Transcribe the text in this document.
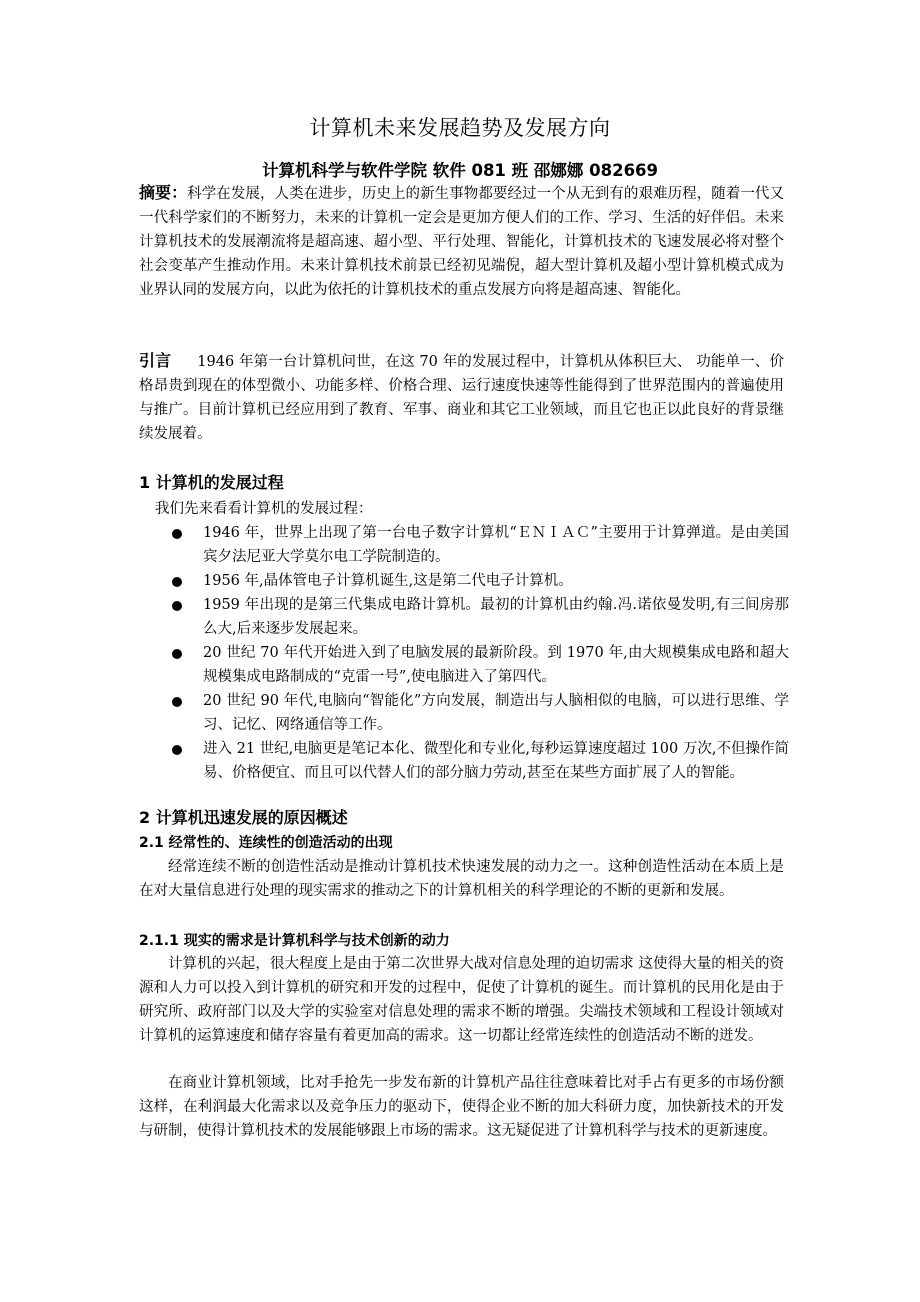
计算机未来发展趋势及发展方向
计算机科学与软件学院 软件 081 班 邵娜娜 082669
摘要：科学在发展，人类在进步，历史上的新生事物都要经过一个从无到有的艰难历程，随着一代又一代科学家们的不断努力，未来的计算机一定会是更加方便人们的工作、学习、生活的好伴侣。未来计算机技术的发展潮流将是超高速、超小型、平行处理、智能化，计算机技术的飞速发展必将对整个社会变革产生推动作用。未来计算机技术前景已经初见端倪，超大型计算机及超小型计算机模式成为业界认同的发展方向，以此为依托的计算机技术的重点发展方向将是超高速、智能化。
引言 1946 年第一台计算机问世，在这 70 年的发展过程中，计算机从体积巨大、 功能单一、价格昂贵到现在的体型微小、功能多样、价格合理、运行速度快速等性能得到了世界范围内的普遍使用与推广。目前计算机已经应用到了教育、军事、商业和其它工业领域，而且它也正以此良好的背景继续发展着。
1 计算机的发展过程
我们先来看看计算机的发展过程：
1946 年，世界上出现了第一台电子数字计算机“ＥＮＩＡＣ”主要用于计算弹道。是由美国宾夕法尼亚大学莫尔电工学院制造的。
1956 年,晶体管电子计算机诞生,这是第二代电子计算机。
1959 年出现的是第三代集成电路计算机。最初的计算机由约翰.冯.诺依曼发明,有三间房那么大,后来逐步发展起来。
20 世纪 70 年代开始进入到了电脑发展的最新阶段。到 1970 年,由大规模集成电路和超大规模集成电路制成的“克雷一号”,使电脑进入了第四代。
20 世纪 90 年代,电脑向“智能化”方向发展，制造出与人脑相似的电脑，可以进行思维、学习、记忆、网络通信等工作。
进入 21 世纪,电脑更是笔记本化、微型化和专业化,每秒运算速度超过 100 万次,不但操作简易、价格便宜、而且可以代替人们的部分脑力劳动,甚至在某些方面扩展了人的智能。
2 计算机迅速发展的原因概述
2.1 经常性的、连续性的创造活动的出现
经常连续不断的创造性活动是推动计算机技术快速发展的动力之一。这种创造性活动在本质上是在对大量信息进行处理的现实需求的推动之下的计算机相关的科学理论的不断的更新和发展。
2.1.1 现实的需求是计算机科学与技术创新的动力
计算机的兴起，很大程度上是由于第二次世界大战对信息处理的迫切需求 这使得大量的相关的资源和人力可以投入到计算机的研究和开发的过程中，促使了计算机的诞生。而计算机的民用化是由于研究所、政府部门以及大学的实验室对信息处理的需求不断的增强。尖端技术领域和工程设计领域对计算机的运算速度和储存容量有着更加高的需求。这一切都让经常连续性的创造活动不断的迸发。
在商业计算机领域，比对手抢先一步发布新的计算机产品往往意味着比对手占有更多的市场份额 这样，在利润最大化需求以及竞争压力的驱动下，使得企业不断的加大科研力度，加快新技术的开发与研制，使得计算机技术的发展能够跟上市场的需求。这无疑促进了计算机科学与技术的更新速度。
